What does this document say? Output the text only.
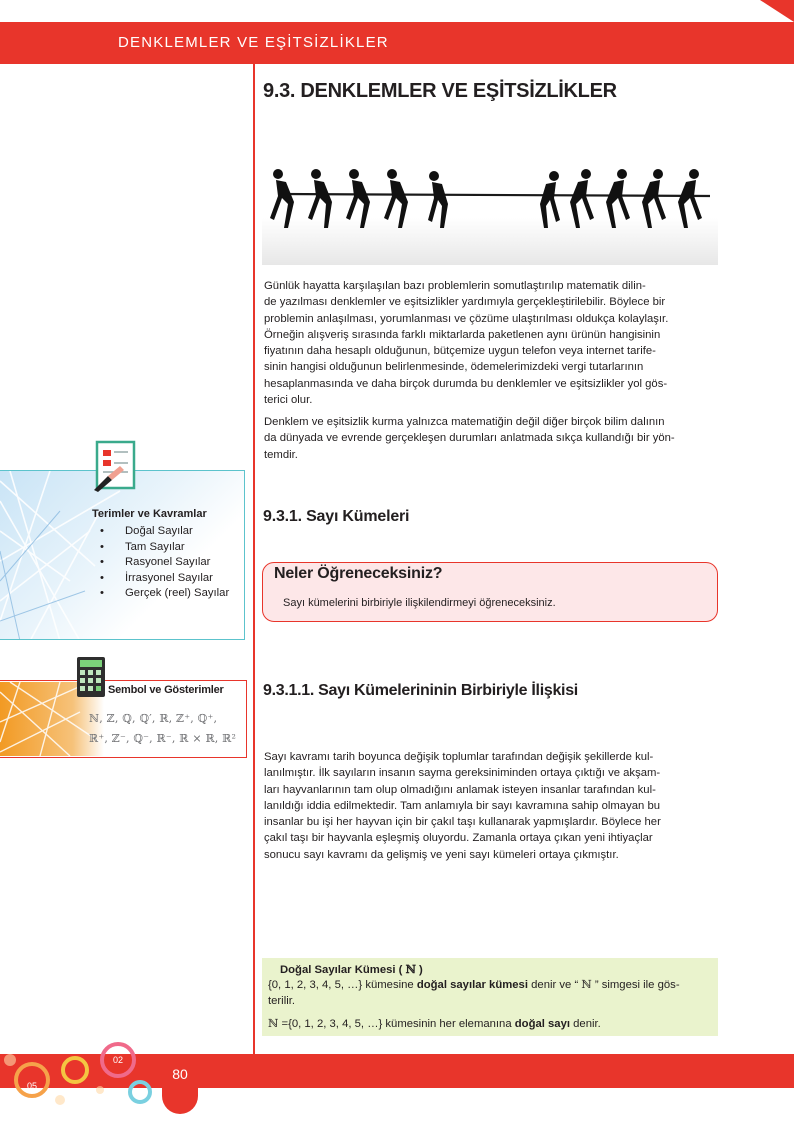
DENKLEMLER VE EŞİTSİZLİKLER
9.3. DENKLEMLER VE EŞİTSİZLİKLER
Günlük hayatta karşılaşılan bazı problemlerin somutlaştırılıp matematik dilin-
de yazılması denklemler ve eşitsizlikler yardımıyla gerçekleştirilebilir. Böylece bir
problemin anlaşılması, yorumlanması ve çözüme ulaştırılması oldukça kolaylaşır.
Örneğin alışveriş sırasında farklı miktarlarda paketlenen aynı ürünün hangisinin
fiyatının daha hesaplı olduğunun, bütçemize uygun telefon veya internet tarife-
sinin hangisi olduğunun belirlenmesinde, ödemelerimizdeki vergi tutarlarının
hesaplanmasında ve daha birçok durumda bu denklemler ve eşitsizlikler yol gös-
terici olur.
Denklem ve eşitsizlik kurma yalnızca matematiğin değil diğer birçok bilim dalının
da dünyada ve evrende gerçekleşen durumları anlatmada sıkça kullandığı bir yön-
temdir.
Terimler ve Kavramlar
• Doğal Sayılar
• Tam Sayılar
• Rasyonel Sayılar
• İrrasyonel Sayılar
• Gerçek (reel) Sayılar
Sembol ve Gösterimler
ℕ, ℤ, ℚ, ℚ′, ℝ, ℤ⁺, ℚ⁺,
ℝ⁺, ℤ⁻, ℚ⁻, ℝ⁻, ℝ × ℝ, ℝ²
9.3.1. Sayı Kümeleri
Neler Öğreneceksiniz?
Sayı kümelerini birbiriyle ilişkilendirmeyi öğreneceksiniz.
9.3.1.1. Sayı Kümelerininin Birbiriyle İlişkisi
Sayı kavramı tarih boyunca değişik toplumlar tarafından değişik şekillerde kul-
lanılmıştır. İlk sayıların insanın sayma gereksiniminden ortaya çıktığı ve akşam-
ları hayvanlarının tam olup olmadığını anlamak isteyen insanlar tarafından kul-
lanıldığı iddia edilmektedir. Tam anlamıyla bir sayı kavramına sahip olmayan bu
insanlar bu işi her hayvan için bir çakıl taşı kullanarak yapmışlardır. Böylece her
çakıl taşı bir hayvanla eşleşmiş oluyordu. Zamanla ortaya çıkan yeni ihtiyaçlar
sonucu sayı kavramı da gelişmiş ve yeni sayı kümeleri ortaya çıkmıştır.
Doğal Sayılar Kümesi ( ℕ )
{0, 1, 2, 3, 4, 5, …} kümesine doğal sayılar kümesi denir ve “ ℕ ” simgesi ile gös-
terilir.
ℕ ={0, 1, 2, 3, 4, 5, …} kümesinin her elemanına doğal sayı denir.
05
02
80
